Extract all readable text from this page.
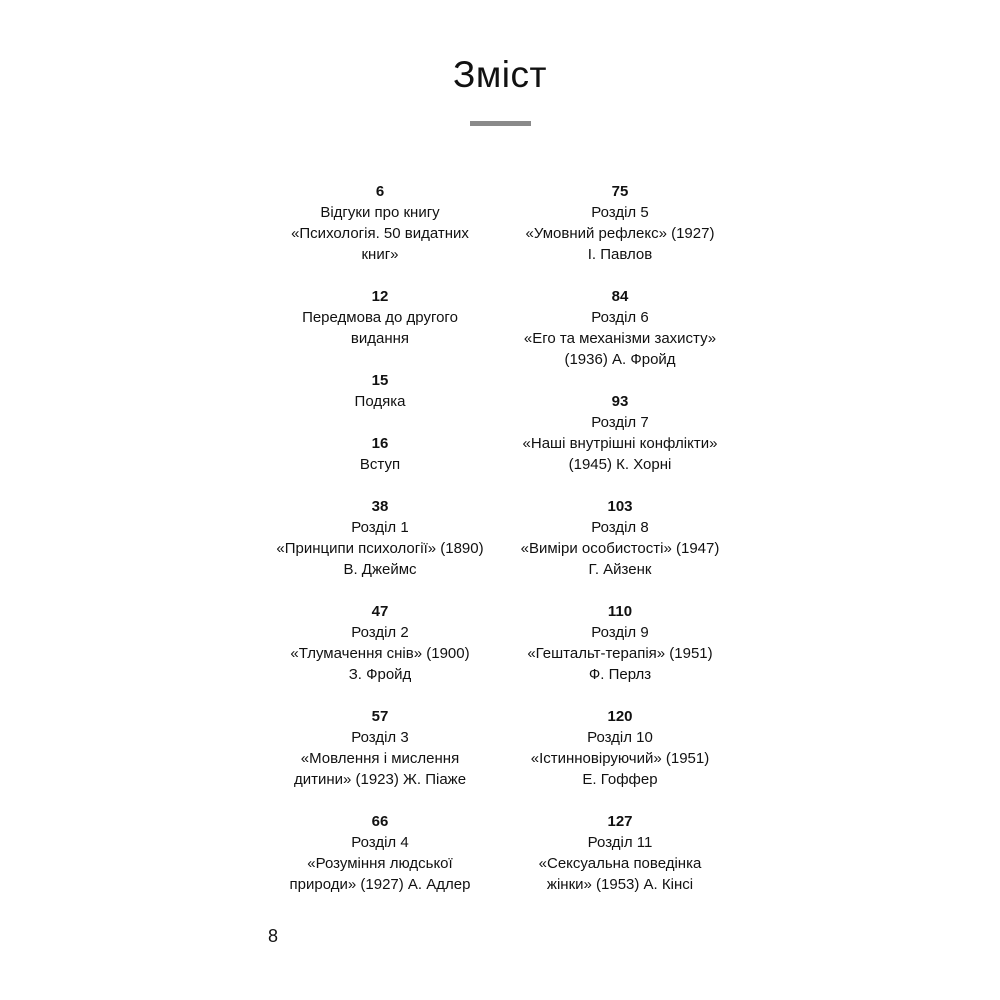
Зміст
6
Відгуки про книгу
«Психологія. 50 видатних
книг»
12
Передмова до другого
видання
15
Подяка
16
Вступ
38
Розділ 1
«Принципи психології» (1890)
В. Джеймс
47
Розділ 2
«Тлумачення снів» (1900)
З. Фройд
57
Розділ 3
«Мовлення і мислення
дитини» (1923) Ж. Піаже
66
Розділ 4
«Розуміння людської
природи» (1927) А. Адлер
75
Розділ 5
«Умовний рефлекс» (1927)
І. Павлов
84
Розділ 6
«Его та механізми захисту»
(1936) А. Фройд
93
Розділ 7
«Наші внутрішні конфлікти»
(1945) К. Хорні
103
Розділ 8
«Виміри особистості» (1947)
Г. Айзенк
110
Розділ 9
«Гештальт-терапія» (1951)
Ф. Перлз
120
Розділ 10
«Істинновіруючий» (1951)
Е. Гоффер
127
Розділ 11
«Сексуальна поведінка
жінки» (1953) А. Кінсі
8
